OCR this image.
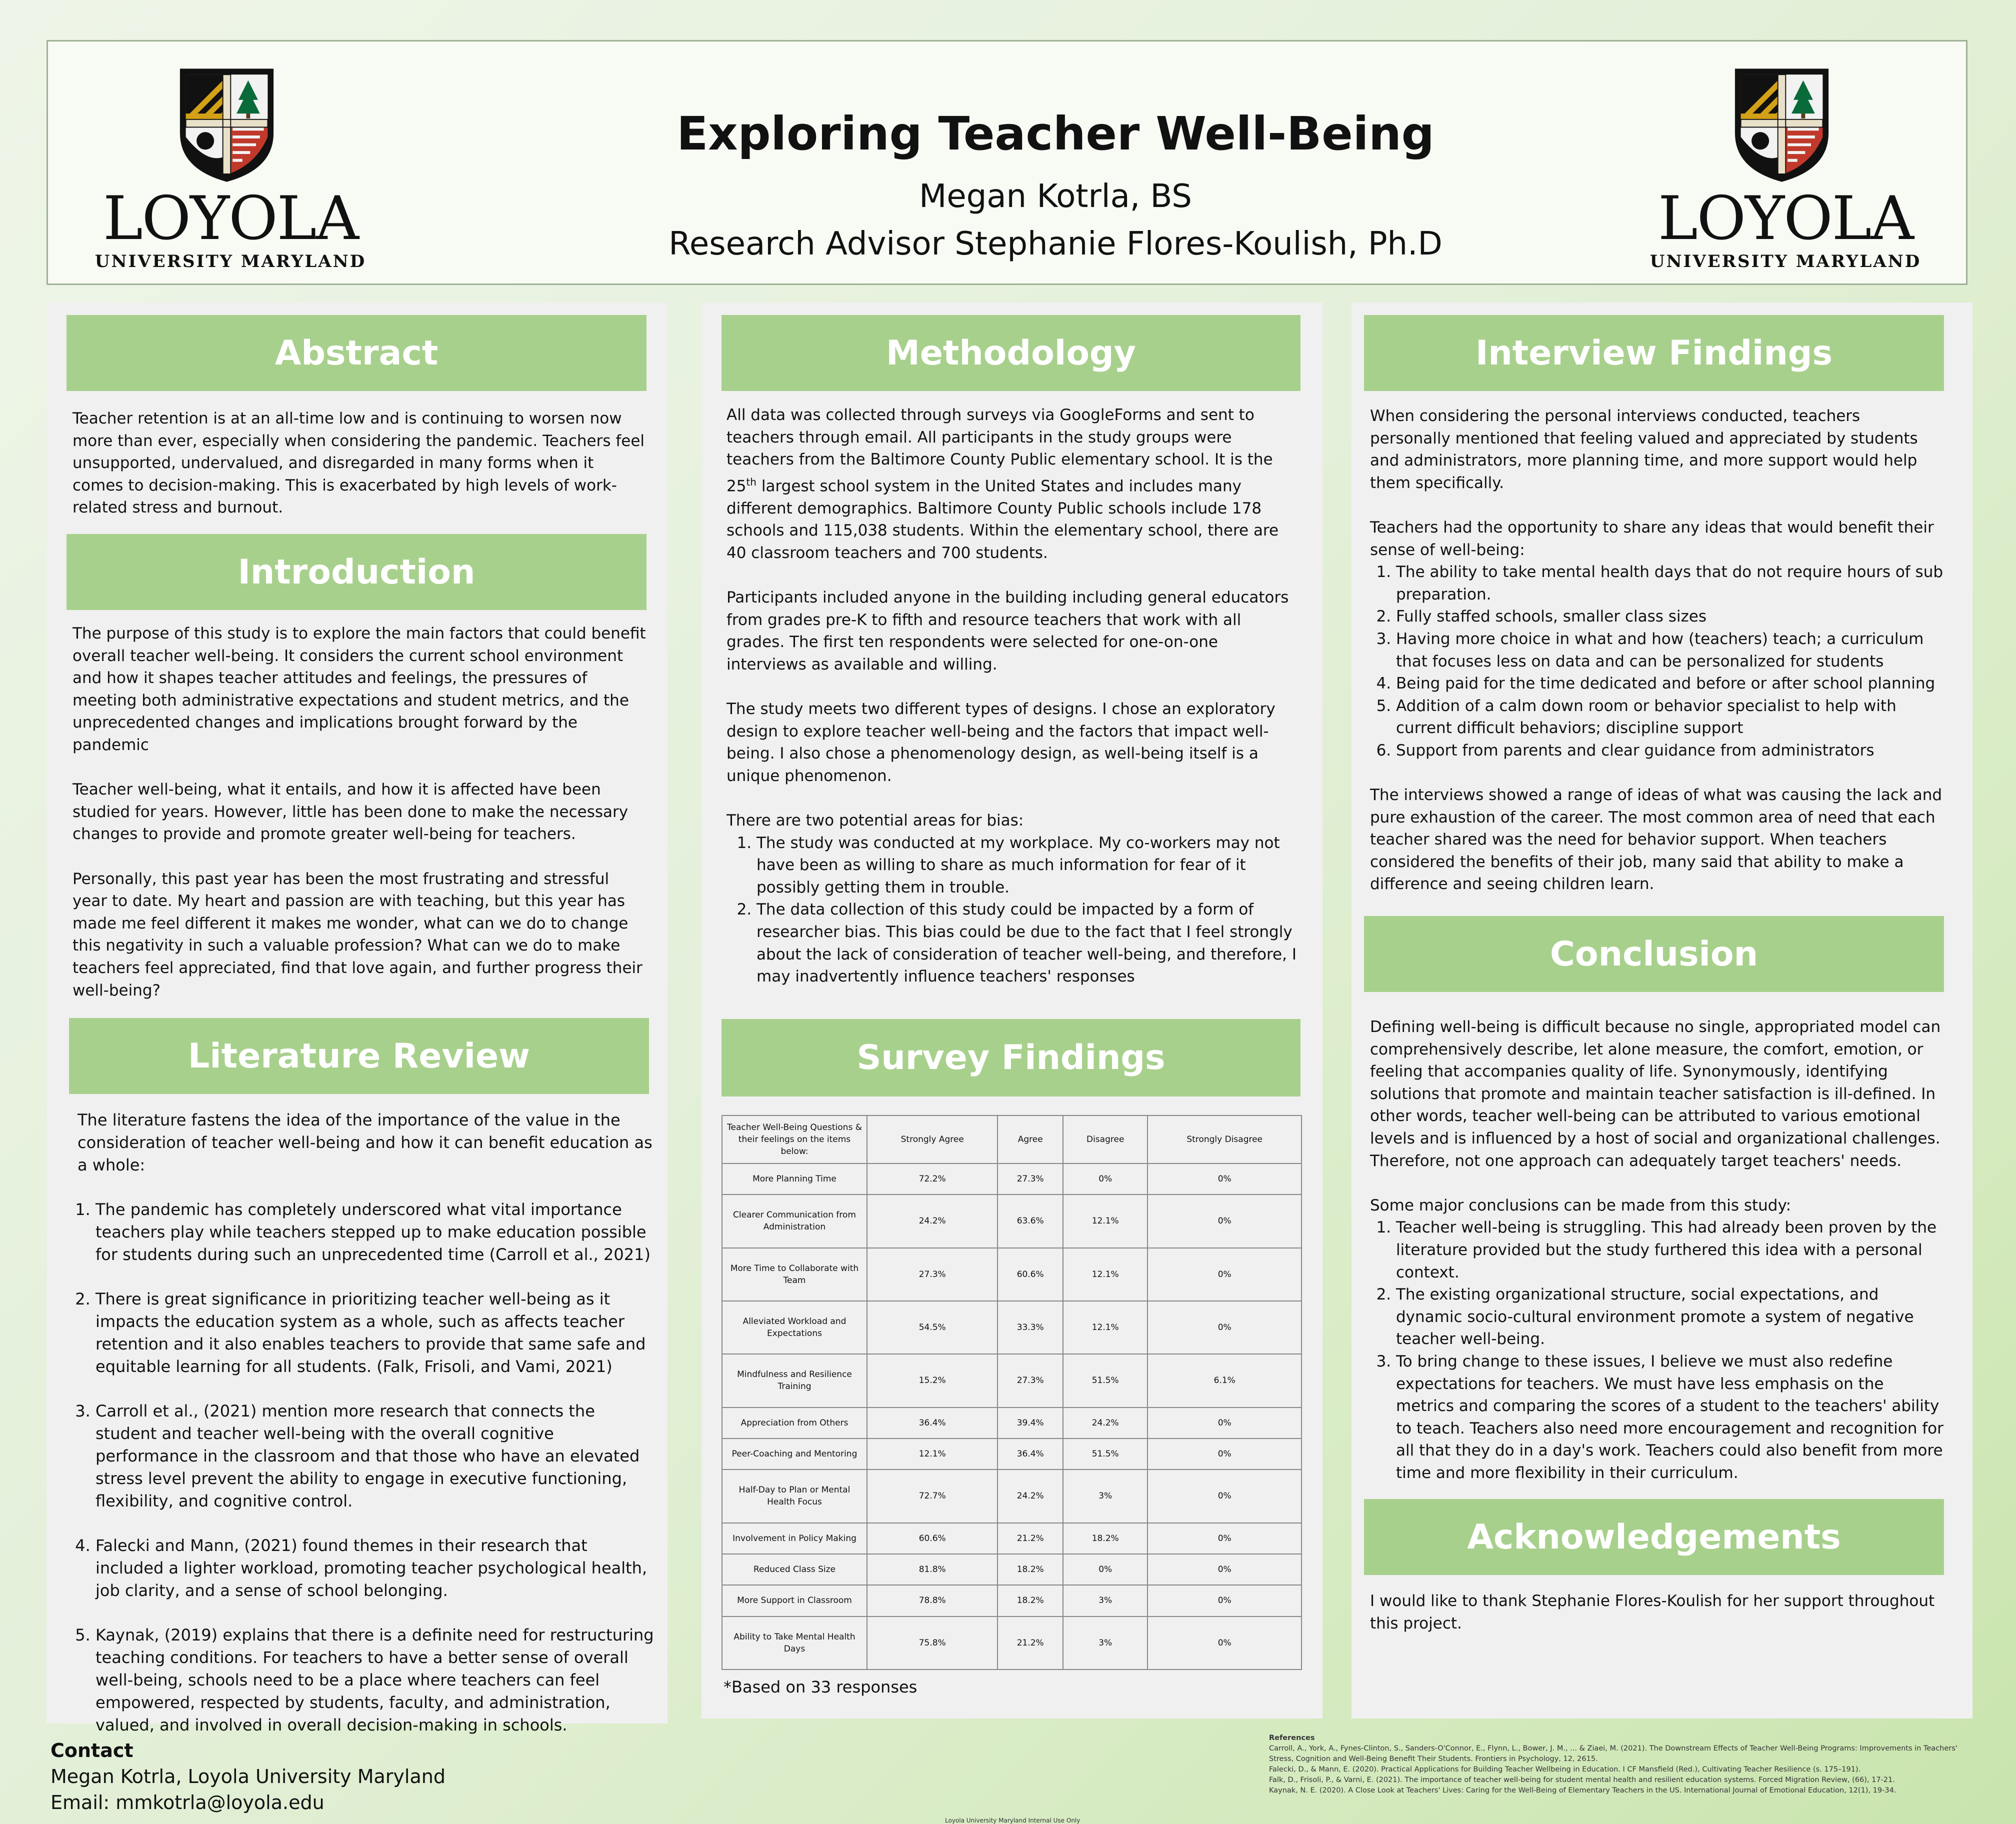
LOYOLA
UNIVERSITY MARYLAND
Exploring Teacher Well-Being
Megan Kotrla, BS
Research Advisor Stephanie Flores-Koulish, Ph.D	LOYOLA
UNIVERSITY MARYLAND
Abstract

Teacher retention is at an all-time low and is continuing to worsen now more than ever, especially when considering the pandemic. Teachers feel unsupported, undervalued, and disregarded in many forms when it comes to decision-making. This is exacerbated by high levels of work-related stress and burnout.

Introduction

The purpose of this study is to explore the main factors that could benefit overall teacher well-being. It considers the current school environment and how it shapes teacher attitudes and feelings, the pressures of meeting both administrative expectations and student metrics, and the unprecedented changes and implications brought forward by the pandemic

Teacher well-being, what it entails, and how it is affected have been studied for years. However, little has been done to make the necessary changes to provide and promote greater well-being for teachers.

Personally, this past year has been the most frustrating and stressful year to date. My heart and passion are with teaching, but this year has made me feel different it makes me wonder, what can we do to change this negativity in such a valuable profession? What can we do to make teachers feel appreciated, find that love again, and further progress their well-being?

Literature Review

The literature fastens the idea of the importance of the value in the consideration of teacher well-being and how it can benefit education as a whole:

1. The pandemic has completely underscored what vital importance teachers play while teachers stepped up to make education possible for students during such an unprecedented time (Carroll et al., 2021)
2. There is great significance in prioritizing teacher well-being as it impacts the education system as a whole, such as affects teacher retention and it also enables teachers to provide that same safe and equitable learning for all students. (Falk, Frisoli, and Vami, 2021)
3. Carroll et al., (2021) mention more research that connects the student and teacher well-being with the overall cognitive performance in the classroom and that those who have an elevated stress level prevent the ability to engage in executive functioning, flexibility, and cognitive control.
4. Falecki and Mann, (2021) found themes in their research that included a lighter workload, promoting teacher psychological health, job clarity, and a sense of school belonging.
5. Kaynak, (2019) explains that there is a definite need for restructuring teaching conditions. For teachers to have a better sense of overall well-being, schools need to be a place where teachers can feel empowered, respected by students, faculty, and administration, valued, and involved in overall decision-making in schools.
Methodology

All data was collected through surveys via GoogleForms and sent to teachers through email. All participants in the study groups were teachers from the Baltimore County Public elementary school. It is the 25th largest school system in the United States and includes many different demographics. Baltimore County Public schools include 178 schools and 115,038 students. Within the elementary school, there are 40 classroom teachers and 700 students.

Participants included anyone in the building including general educators from grades pre-K to fifth and resource teachers that work with all grades. The first ten respondents were selected for one-on-one interviews as available and willing.

The study meets two different types of designs. I chose an exploratory design to explore teacher well-being and the factors that impact well-being. I also chose a phenomenology design, as well-being itself is a unique phenomenon.

There are two potential areas for bias:

1. The study was conducted at my workplace. My co-workers may not have been as willing to share as much information for fear of it possibly getting them in trouble.
2. The data collection of this study could be impacted by a form of researcher bias. This bias could be due to the fact that I feel strongly about the lack of consideration of teacher well-being, and therefore, I may inadvertently influence teachers' responses
Survey Findings
Teacher Well-Being Questions & their feelings on the items below:	Strongly Agree	Agree	Disagree	Strongly Disagree
More Planning Time	72.2%	27.3%	0%	0%
Clearer Communication from Administration	24.2%	63.6%	12.1%	0%
More Time to Collaborate with Team	27.3%	60.6%	12.1%	0%
Alleviated Workload and Expectations	54.5%	33.3%	12.1%	0%
Mindfulness and Resilience Training	15.2%	27.3%	51.5%	6.1%
Appreciation from Others	36.4%	39.4%	24.2%	0%
Peer-Coaching and Mentoring	12.1%	36.4%	51.5%	0%
Half-Day to Plan or Mental Health Focus	72.7%	24.2%	3%	0%
Involvement in Policy Making	60.6%	21.2%	18.2%	0%
Reduced Class Size	81.8%	18.2%	0%	0%
More Support in Classroom	78.8%	18.2%	3%	0%
Ability to Take Mental Health Days	75.8%	21.2%	3%	0%
*Based on 33 responses
Interview Findings

When considering the personal interviews conducted, teachers personally mentioned that feeling valued and appreciated by students and administrators, more planning time, and more support would help them specifically.

Teachers had the opportunity to share any ideas that would benefit their sense of well-being:

1. The ability to take mental health days that do not require hours of sub preparation.
2. Fully staffed schools, smaller class sizes
3. Having more choice in what and how (teachers) teach; a curriculum that focuses less on data and can be personalized for students
4. Being paid for the time dedicated and before or after school planning
5. Addition of a calm down room or behavior specialist to help with current difficult behaviors; discipline support
6. Support from parents and clear guidance from administrators

The interviews showed a range of ideas of what was causing the lack and pure exhaustion of the career. The most common area of need that each teacher shared was the need for behavior support. When teachers considered the benefits of their job, many said that ability to make a difference and seeing children learn.

Conclusion

Defining well-being is difficult because no single, appropriated model can comprehensively describe, let alone measure, the comfort, emotion, or feeling that accompanies quality of life. Synonymously, identifying solutions that promote and maintain teacher satisfaction is ill-defined. In other words, teacher well-being can be attributed to various emotional levels and is influenced by a host of social and organizational challenges. Therefore, not one approach can adequately target teachers' needs.

Some major conclusions can be made from this study:

1. Teacher well-being is struggling. This had already been proven by the literature provided but the study furthered this idea with a personal context.
2. The existing organizational structure, social expectations, and dynamic socio-cultural environment promote a system of negative teacher well-being.
3. To bring change to these issues, I believe we must also redefine expectations for teachers. We must have less emphasis on the metrics and comparing the scores of a student to the teachers' ability to teach. Teachers also need more encouragement and recognition for all that they do in a day's work. Teachers could also benefit from more time and more flexibility in their curriculum.
Acknowledgements

I would like to thank Stephanie Flores-Koulish for her support throughout this project.

Contact
Megan Kotrla, Loyola University Maryland
Email: mmkotrla@loyola.edu
References
Carroll, A., York, A., Fynes-Clinton, S., Sanders-O'Connor, E., Flynn, L., Bower, J. M., ... & Ziaei, M. (2021). The Downstream Effects of Teacher Well-Being Programs: Improvements in Teachers' Stress, Cognition and Well-Being Benefit Their Students. Frontiers in Psychology, 12, 2615.
Falecki, D., & Mann, E. (2020). Practical Applications for Building Teacher Wellbeing in Education. I CF Mansfield (Red.), Cultivating Teacher Resilience (s. 175–191).
Falk, D., Frisoli, P., & Varni, E. (2021). The importance of teacher well-being for student mental health and resilient education systems. Forced Migration Review, (66), 17-21.
Kaynak, N. E. (2020). A Close Look at Teachers' Lives: Caring for the Well-Being of Elementary Teachers in the US. International Journal of Emotional Education, 12(1), 19-34.
Loyola University Maryland Internal Use Only
